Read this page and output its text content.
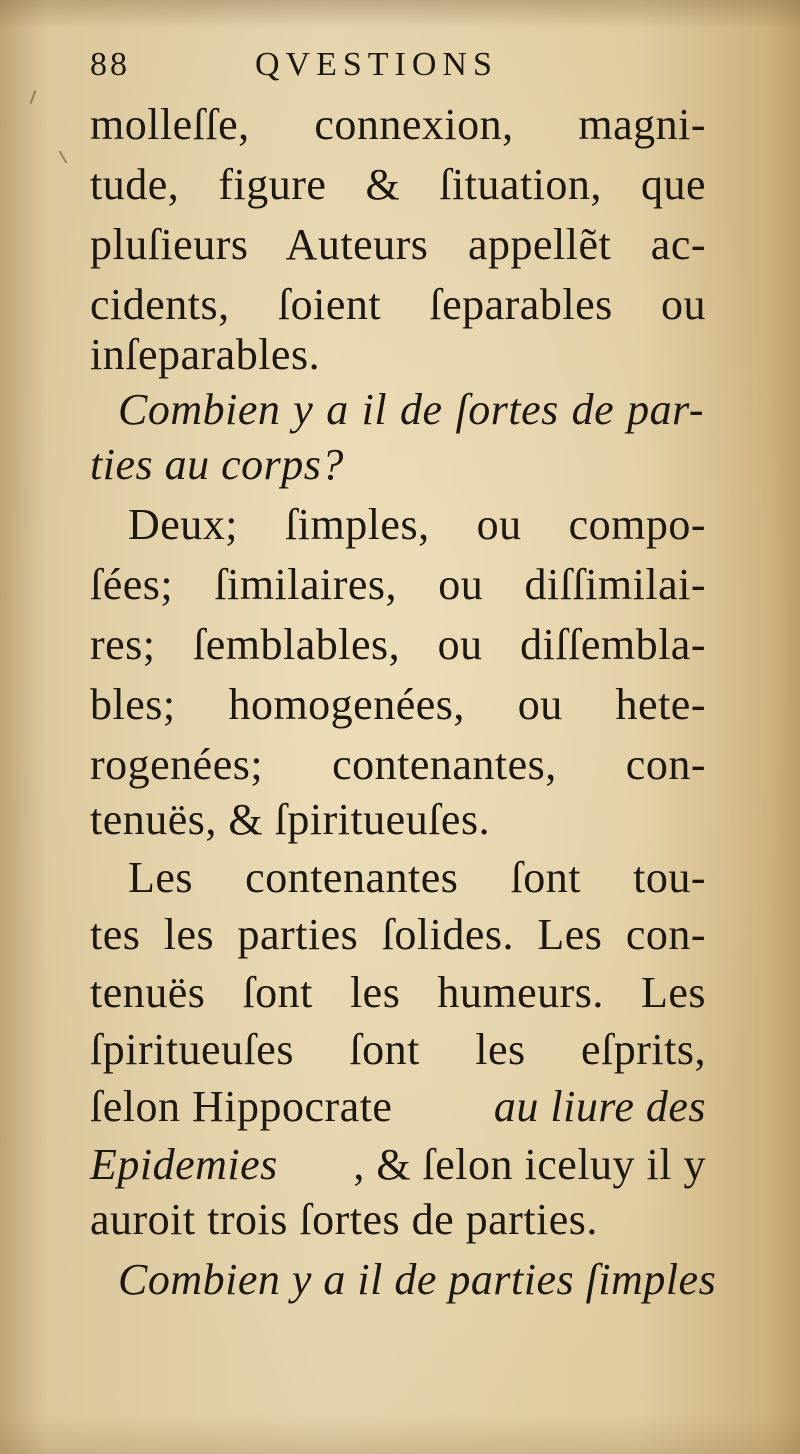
88	QVESTIONS
molleſſe, connexion, magni-
tude, figure & ſituation, que
pluſieurs Auteurs appellẽt ac-
cidents, ſoient ſeparables ou
inſeparables.
Combien y a il de ſortes de par-
ties au corps?
Deux; ſimples, ou compo-
ſées; ſimilaires, ou diſſimilai-
res; ſemblables, ou diſſembla-
bles; homogenées, ou hete-
rogenées; contenantes, con-
tenuës, & ſpiritueuſes.
Les contenantes ſont tou-
tes les parties ſolides. Les con-
tenuës ſont les humeurs. Les
ſpiritueuſes ſont les eſprits,
ſelon Hippocrate au liure des
Epidemies , & ſelon iceluy il y
auroit trois ſortes de parties.
Combien y a il de parties ſimples
